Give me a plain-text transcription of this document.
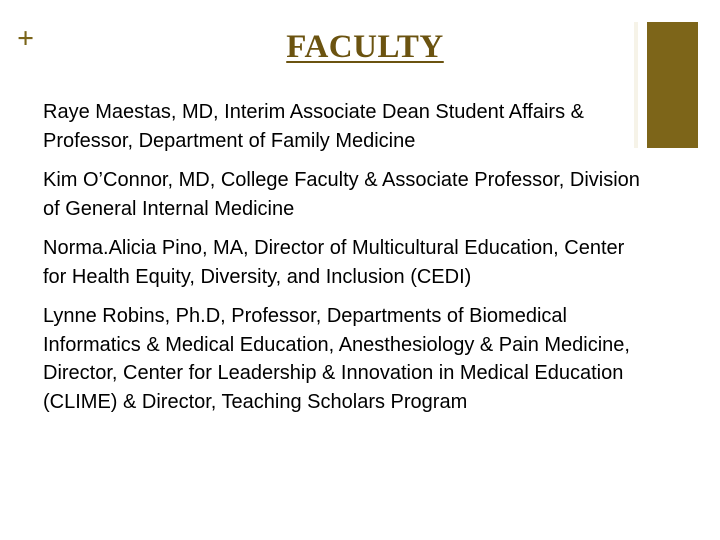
+	FACULTY
Raye Maestas, MD, Interim Associate Dean Student Affairs & Professor, Department of Family Medicine
Kim O’Connor, MD, College Faculty & Associate Professor, Division of General Internal Medicine
Norma.Alicia Pino, MA, Director of Multicultural Education, Center for Health Equity, Diversity, and Inclusion (CEDI)
Lynne Robins, Ph.D, Professor, Departments of Biomedical Informatics & Medical Education, Anesthesiology & Pain Medicine, Director, Center for Leadership & Innovation in Medical Education (CLIME) & Director, Teaching Scholars Program
